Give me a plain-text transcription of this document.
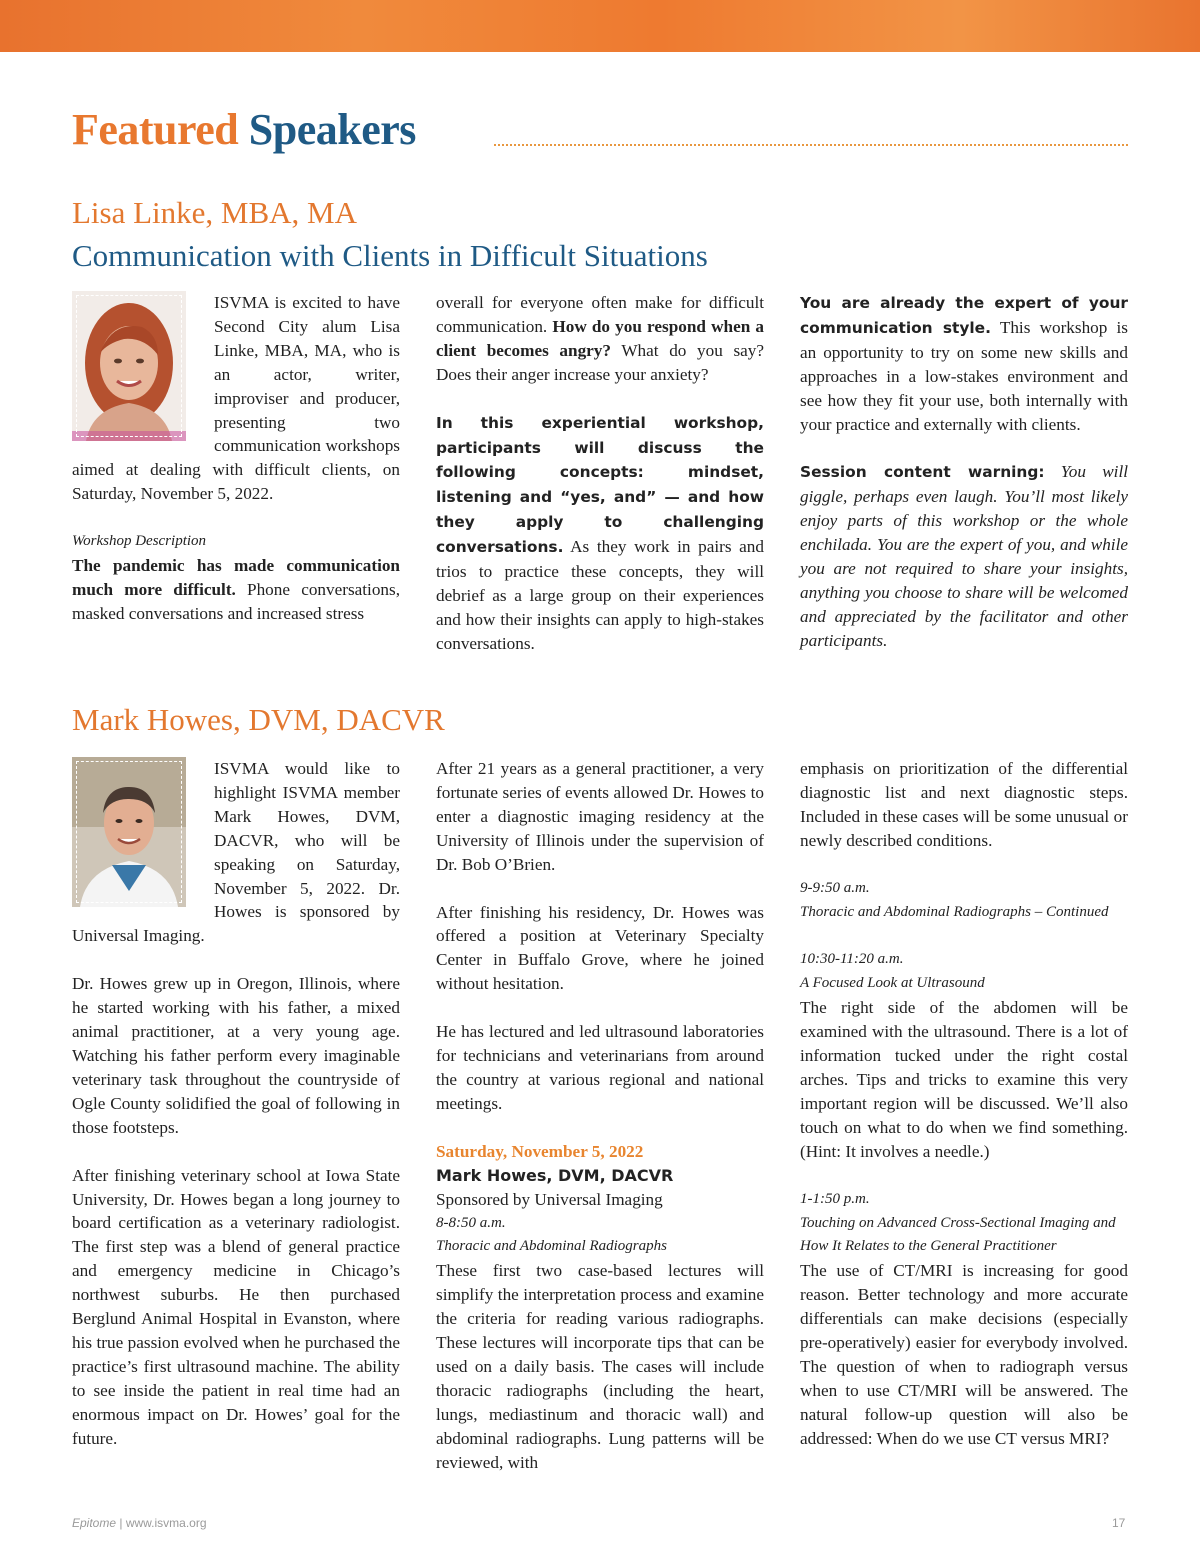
Featured Speakers
Lisa Linke, MBA, MA
Communication with Clients in Difficult Situations

ISVMA is excited to have Second City alum Lisa Linke, MBA, MA, who is an actor, writer, improviser and producer, presenting two communication workshops aimed at dealing with difficult clients, on Saturday, November 5, 2022.

Workshop Description

The pandemic has made communication much more difficult. Phone conversations, masked conversations and increased stress

overall for everyone often make for difficult communication. How do you respond when a client becomes angry? What do you say? Does their anger increase your anxiety?

In this experiential workshop, participants will discuss the following concepts: mindset, listening and “yes, and” — and how they apply to challenging conversations. As they work in pairs and trios to practice these concepts, they will debrief as a large group on their experiences and how their insights can apply to high-stakes conversations.

You are already the expert of your communication style. This workshop is an opportunity to try on some new skills and approaches in a low-stakes environment and see how they fit your use, both internally with your practice and externally with clients.

Session content warning: You will giggle, perhaps even laugh. You’ll most likely enjoy parts of this workshop or the whole enchilada. You are the expert of you, and while you are not required to share your insights, anything you choose to share will be welcomed and appreciated by the facilitator and other participants.

Mark Howes, DVM, DACVR

ISVMA would like to highlight ISVMA member Mark Howes, DVM, DACVR, who will be speaking on Saturday, November 5, 2022. Dr. Howes is sponsored by Universal Imaging.

Dr. Howes grew up in Oregon, Illinois, where he started working with his father, a mixed animal practitioner, at a very young age. Watching his father perform every imaginable veterinary task throughout the countryside of Ogle County solidified the goal of following in those footsteps.

After finishing veterinary school at Iowa State University, Dr. Howes began a long journey to board certification as a veterinary radiologist. The first step was a blend of general practice and emergency medicine in Chicago’s northwest suburbs. He then purchased Berglund Animal Hospital in Evanston, where his true passion evolved when he purchased the practice’s first ultrasound machine. The ability to see inside the patient in real time had an enormous impact on Dr. Howes’ goal for the future.

After 21 years as a general practitioner, a very fortunate series of events allowed Dr. Howes to enter a diagnostic imaging residency at the University of Illinois under the supervision of Dr. Bob O’Brien.

After finishing his residency, Dr. Howes was offered a position at Veterinary Specialty Center in Buffalo Grove, where he joined without hesitation.

He has lectured and led ultrasound laboratories for technicians and veterinarians from around the country at various regional and national meetings.

Saturday, November 5, 2022
Mark Howes, DVM, DACVR
Sponsored by Universal Imaging
8-8:50 a.m.
Thoracic and Abdominal Radiographs

These first two case-based lectures will simplify the interpretation process and examine the criteria for reading various radiographs. These lectures will incorporate tips that can be used on a daily basis. The cases will include thoracic radiographs (including the heart, lungs, mediastinum and thoracic wall) and abdominal radiographs. Lung patterns will be reviewed, with

emphasis on prioritization of the differential diagnostic list and next diagnostic steps. Included in these cases will be some unusual or newly described conditions.

9-9:50 a.m.
Thoracic and Abdominal Radiographs – Continued
10:30-11:20 a.m.
A Focused Look at Ultrasound

The right side of the abdomen will be examined with the ultrasound. There is a lot of information tucked under the right costal arches. Tips and tricks to examine this very important region will be discussed. We’ll also touch on what to do when we find something. (Hint: It involves a needle.)

1-1:50 p.m.
Touching on Advanced Cross-Sectional Imaging and How It Relates to the General Practitioner

The use of CT/MRI is increasing for good reason. Better technology and more accurate differentials can make decisions (especially pre-operatively) easier for everybody involved. The question of when to radiograph versus when to use CT/MRI will be answered. The natural follow-up question will also be addressed: When do we use CT versus MRI?

Epitome | www.isvma.org	17
